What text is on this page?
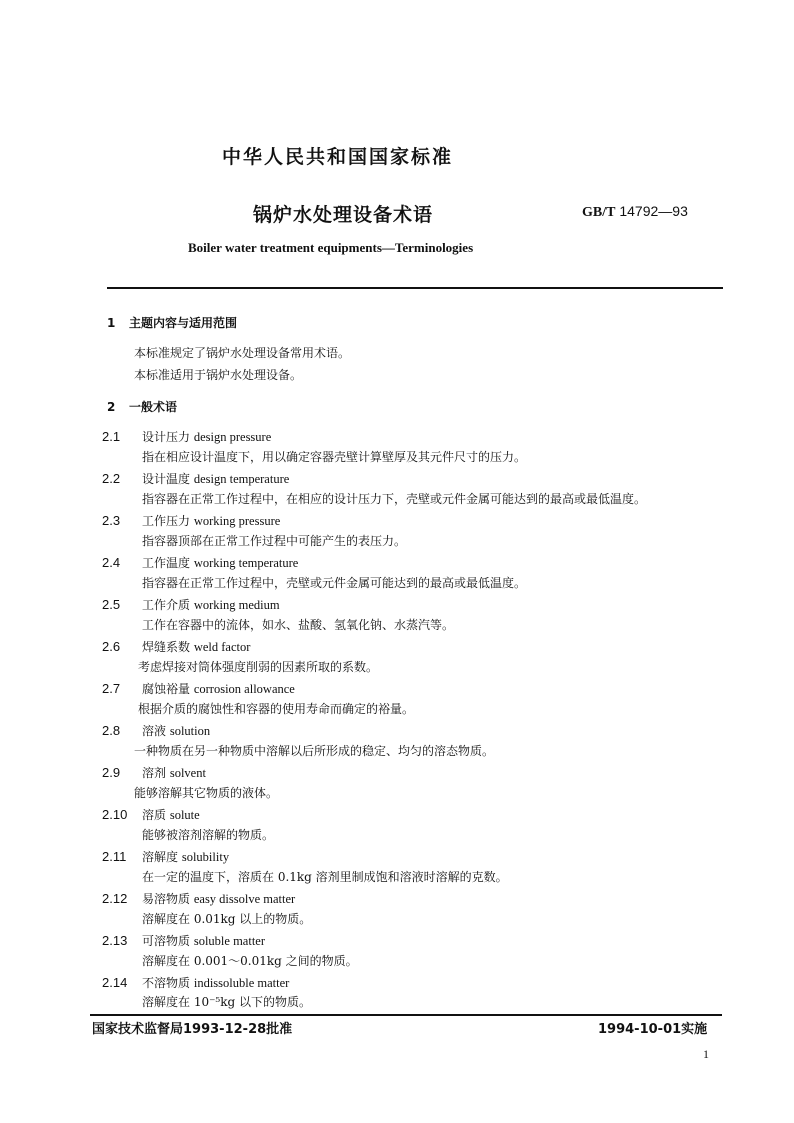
中华人民共和国国家标准
锅炉水处理设备术语	GB/T 14792—93
Boiler water treatment equipments—Terminologies
1 主题内容与适用范围
本标准规定了锅炉水处理设备常用术语。
本标准适用于锅炉水处理设备。
2 一般术语
2.1 设计压力 design pressure
指在相应设计温度下，用以确定容器壳壁计算壁厚及其元件尺寸的压力。
2.2 设计温度 design temperature
指容器在正常工作过程中，在相应的设计压力下，壳壁或元件金属可能达到的最高或最低温度。
2.3 工作压力 working pressure
指容器顶部在正常工作过程中可能产生的表压力。
2.4 工作温度 working temperature
指容器在正常工作过程中，壳壁或元件金属可能达到的最高或最低温度。
2.5 工作介质 working medium
工作在容器中的流体，如水、盐酸、氢氧化钠、水蒸汽等。
2.6 焊缝系数 weld factor
考虑焊接对筒体强度削弱的因素所取的系数。
2.7 腐蚀裕量 corrosion allowance
根据介质的腐蚀性和容器的使用寿命而确定的裕量。
2.8 溶液 solution
一种物质在另一种物质中溶解以后所形成的稳定、均匀的溶态物质。
2.9 溶剂 solvent
能够溶解其它物质的液体。
2.10 溶质 solute
能够被溶剂溶解的物质。
2.11 溶解度 solubility
在一定的温度下，溶质在 0.1kg 溶剂里制成饱和溶液时溶解的克数。
2.12 易溶物质 easy dissolve matter
溶解度在 0.01kg 以上的物质。
2.13 可溶物质 soluble matter
溶解度在 0.001～0.01kg 之间的物质。
2.14 不溶物质 indissoluble matter
溶解度在 10⁻⁵kg 以下的物质。
国家技术监督局1993-12-28批准	1994-10-01实施
1
